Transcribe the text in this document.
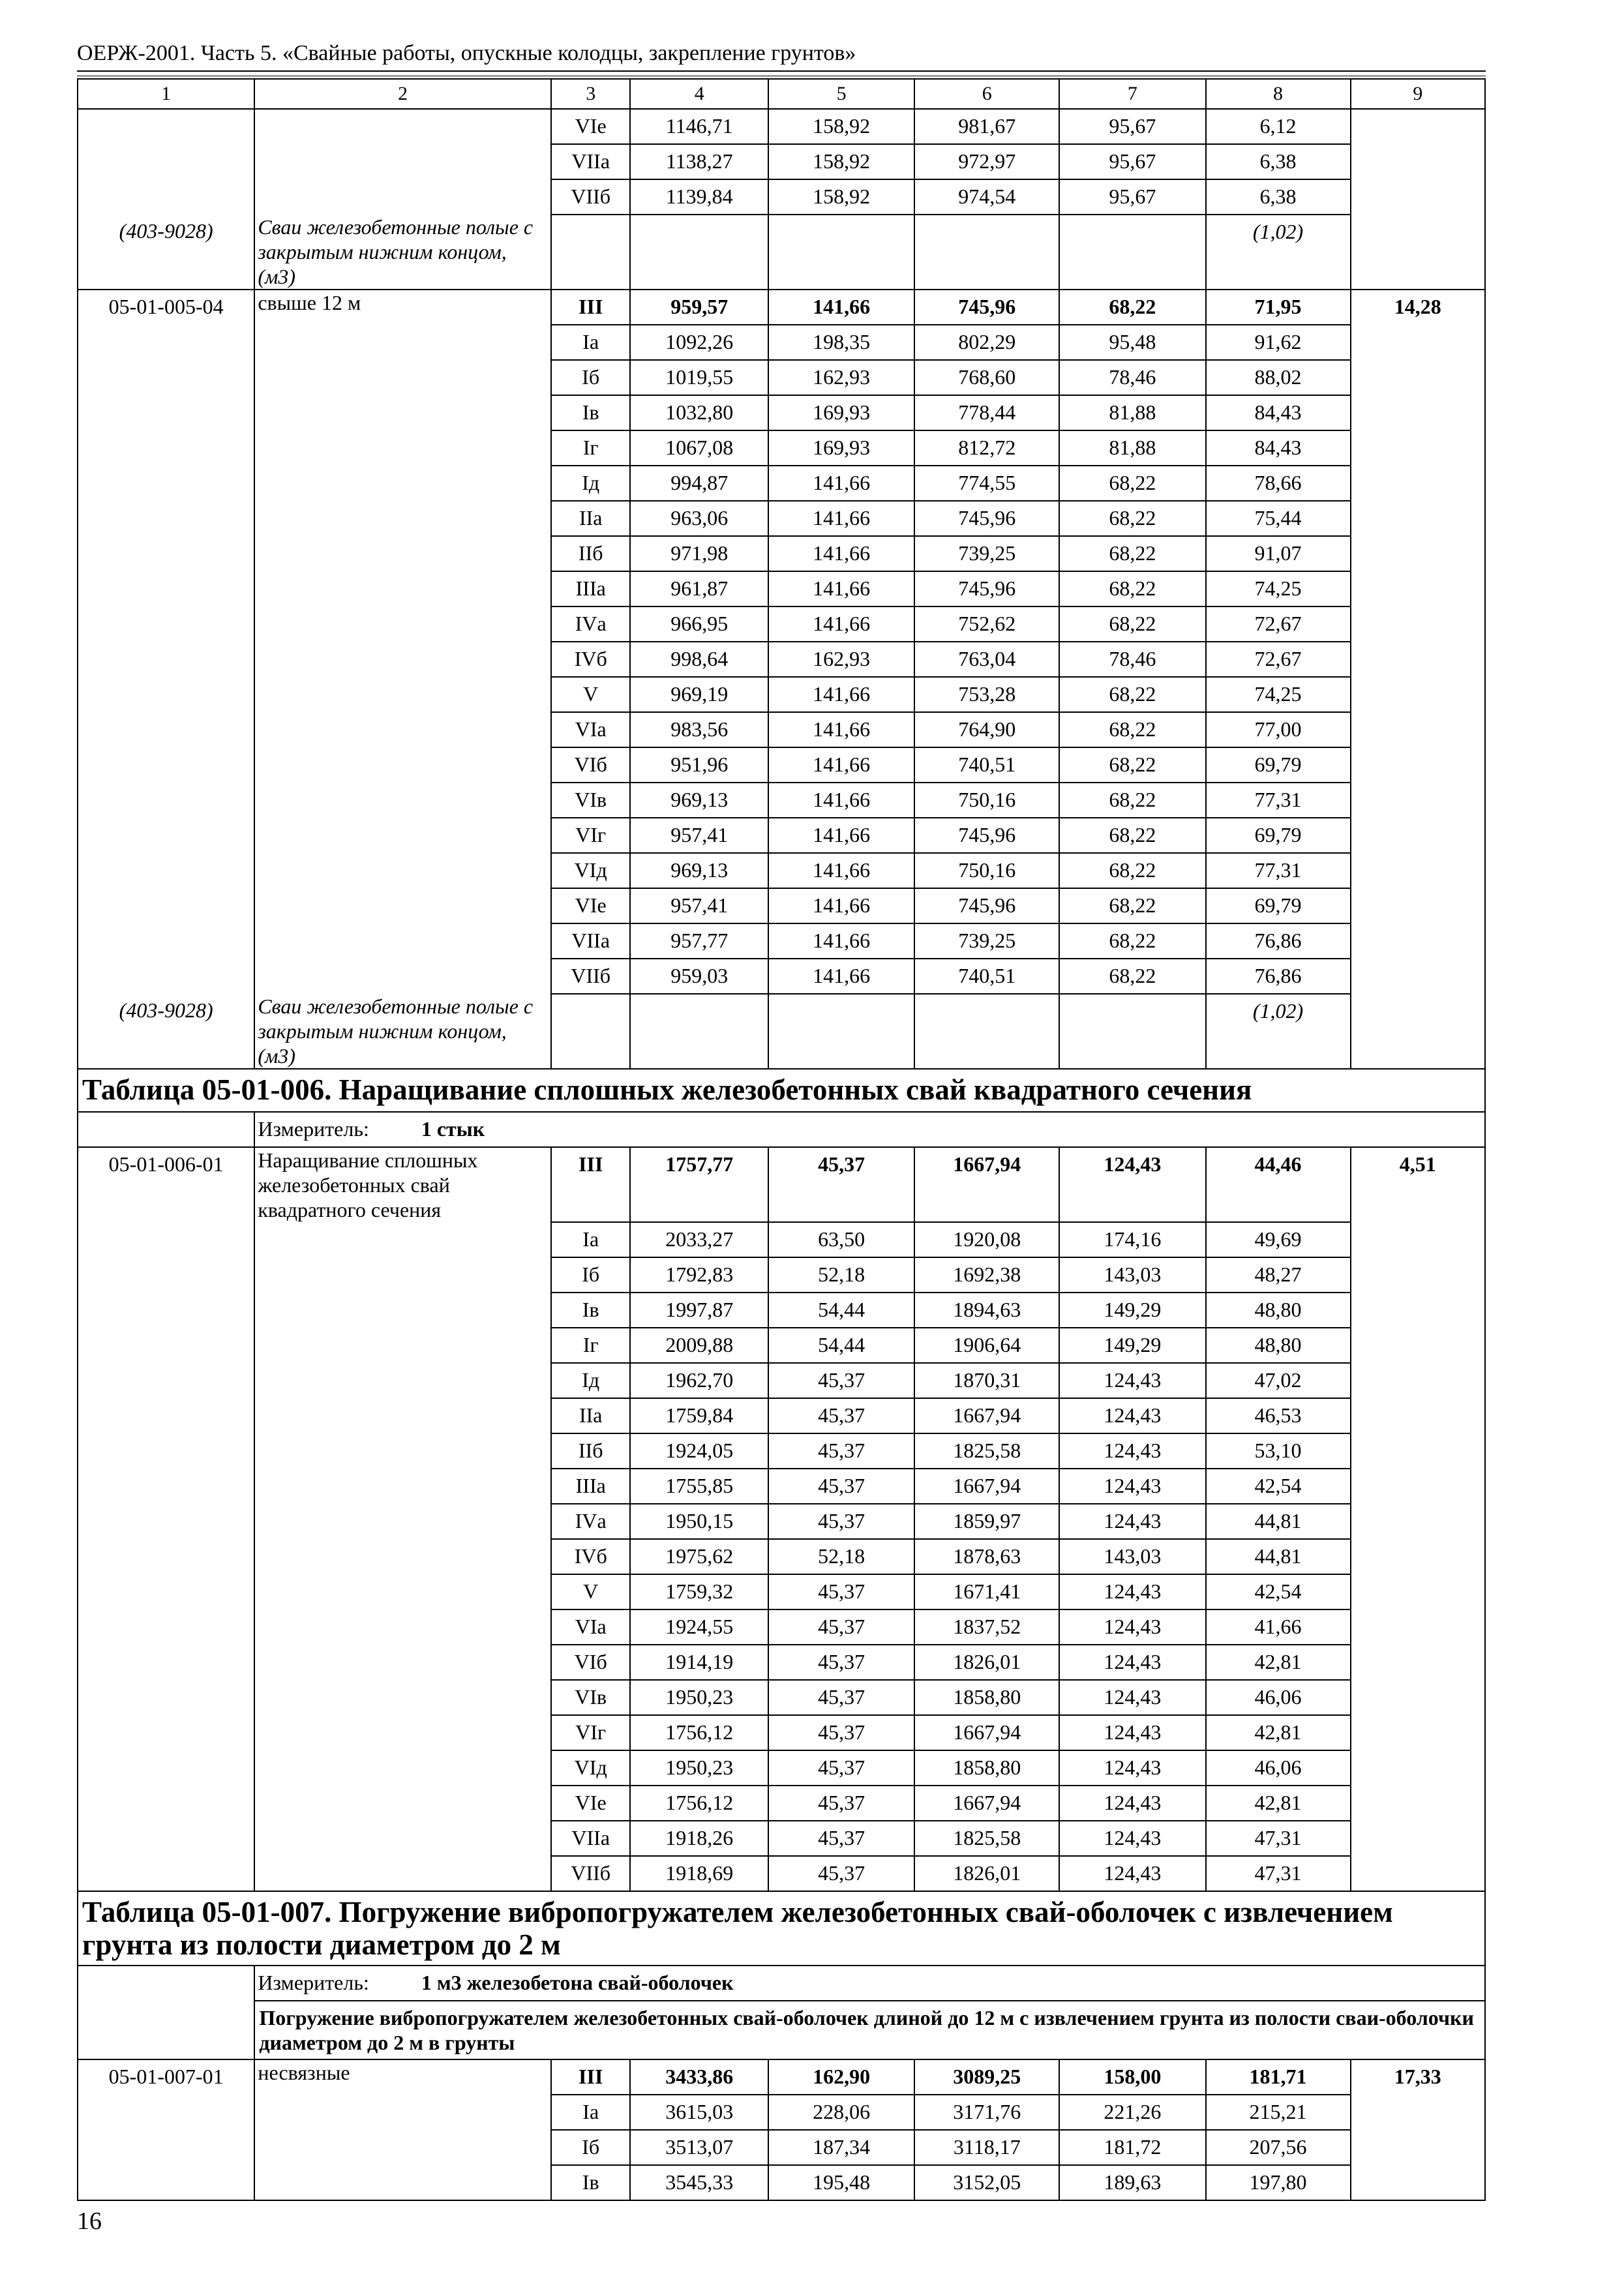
ОЕРЖ-2001. Часть 5. «Свайные работы, опускные колодцы, закрепление грунтов»
1	2	3	4	5	6	7	8	9
		VIе	1146,71	158,92	981,67	95,67	6,12	
		VIIа	1138,27	158,92	972,97	95,67	6,38	
		VIIб	1139,84	158,92	974,54	95,67	6,38	

(403-9028)	Сваи железобетонные полые с закрытым нижним концом, (м3)						(1,02)	
05-01-005-04	свыше 12 м	III	959,57	141,66	745,96	68,22	71,95	14,28
		Iа	1092,26	198,35	802,29	95,48	91,62	
		Iб	1019,55	162,93	768,60	78,46	88,02	
		Iв	1032,80	169,93	778,44	81,88	84,43	
		Iг	1067,08	169,93	812,72	81,88	84,43	
		Iд	994,87	141,66	774,55	68,22	78,66	
		IIа	963,06	141,66	745,96	68,22	75,44	
		IIб	971,98	141,66	739,25	68,22	91,07	
		IIIа	961,87	141,66	745,96	68,22	74,25	
		IVа	966,95	141,66	752,62	68,22	72,67	
		IVб	998,64	162,93	763,04	78,46	72,67	
		V	969,19	141,66	753,28	68,22	74,25	
		VIа	983,56	141,66	764,90	68,22	77,00	
		VIб	951,96	141,66	740,51	68,22	69,79	
		VIв	969,13	141,66	750,16	68,22	77,31	
		VIг	957,41	141,66	745,96	68,22	69,79	
		VIд	969,13	141,66	750,16	68,22	77,31	
		VIе	957,41	141,66	745,96	68,22	69,79	
		VIIа	957,77	141,66	739,25	68,22	76,86	
		VIIб	959,03	141,66	740,51	68,22	76,86	

(403-9028)	Сваи железобетонные полые с закрытым нижним концом, (м3)						(1,02)	
Таблица 05-01-006. Наращивание сплошных железобетонных свай квадратного сечения								
	Измеритель: 1 стык							
05-01-006-01	Наращивание сплошных железобетонных свай квадратного сечения	III	1757,77	45,37	1667,94	124,43	44,46	4,51
		Iа	2033,27	63,50	1920,08	174,16	49,69	
		Iб	1792,83	52,18	1692,38	143,03	48,27	
		Iв	1997,87	54,44	1894,63	149,29	48,80	
		Iг	2009,88	54,44	1906,64	149,29	48,80	
		Iд	1962,70	45,37	1870,31	124,43	47,02	
		IIа	1759,84	45,37	1667,94	124,43	46,53	
		IIб	1924,05	45,37	1825,58	124,43	53,10	
		IIIа	1755,85	45,37	1667,94	124,43	42,54	
		IVа	1950,15	45,37	1859,97	124,43	44,81	
		IVб	1975,62	52,18	1878,63	143,03	44,81	
		V	1759,32	45,37	1671,41	124,43	42,54	
		VIа	1924,55	45,37	1837,52	124,43	41,66	
		VIб	1914,19	45,37	1826,01	124,43	42,81	
		VIв	1950,23	45,37	1858,80	124,43	46,06	
		VIг	1756,12	45,37	1667,94	124,43	42,81	
		VIд	1950,23	45,37	1858,80	124,43	46,06	
		VIе	1756,12	45,37	1667,94	124,43	42,81	
		VIIа	1918,26	45,37	1825,58	124,43	47,31	
		VIIб	1918,69	45,37	1826,01	124,43	47,31	
Таблица 05-01-007. Погружение вибропогружателем железобетонных свай-оболочек с извлечением грунта из полости диаметром до 2 м								
	Измеритель: 1 м3 железобетона свай-оболочек							
	Погружение вибропогружателем железобетонных свай-оболочек длиной до 12 м с извлечением грунта из полости сваи-оболочки диаметром до 2 м в грунты							
05-01-007-01	несвязные	III	3433,86	162,90	3089,25	158,00	181,71	17,33
		Iа	3615,03	228,06	3171,76	221,26	215,21	
		Iб	3513,07	187,34	3118,17	181,72	207,56	
		Iв	3545,33	195,48	3152,05	189,63	197,80	
16
